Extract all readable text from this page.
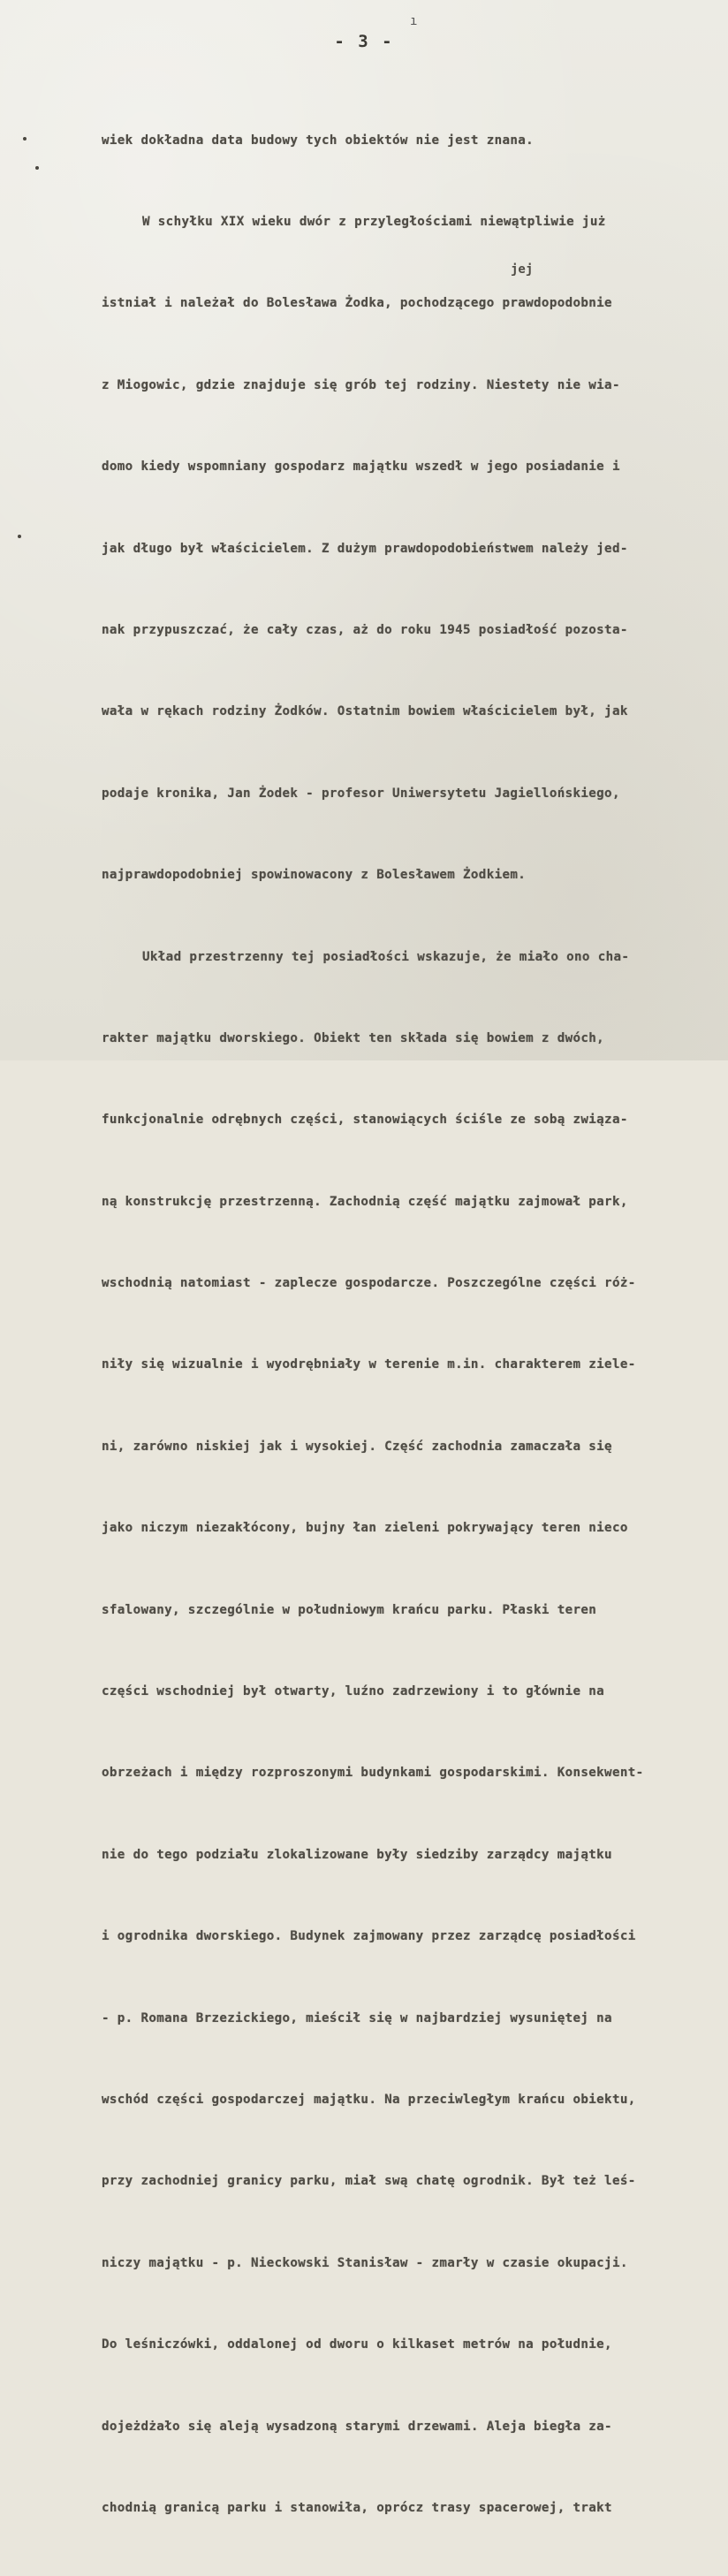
ı
- 3 -
jej

wiek dokładna data budowy tych obiektów nie jest znana.

W schyłku XIX wieku dwór z przyległościami niewątpliwie już

istniał i należał do Bolesława Żodka, pochodzącego prawdopodobnie

z Miogowic, gdzie znajduje się grób tej rodziny. Niestety nie wia-

domo kiedy wspomniany gospodarz majątku wszedł w jego posiadanie i

jak długo był właścicielem. Z dużym prawdopodobieństwem należy jed-

nak przypuszczać, że cały czas, aż do roku 1945 posiadłość pozosta-

wała w rękach rodziny Żodków. Ostatnim bowiem właścicielem był, jak

podaje kronika, Jan Żodek - profesor Uniwersytetu Jagiellońskiego,

najprawdopodobniej spowinowacony z Bolesławem Żodkiem.

Układ przestrzenny tej posiadłości wskazuje, że miało ono cha-

rakter majątku dworskiego. Obiekt ten składa się bowiem z dwóch,

funkcjonalnie odrębnych części, stanowiących ściśle ze sobą związa-

ną konstrukcję przestrzenną. Zachodnią część majątku zajmował park,

wschodnią natomiast - zaplecze gospodarcze. Poszczególne części róż-

niły się wizualnie i wyodrębniały w terenie m.in. charakterem ziele-

ni, zarówno niskiej jak i wysokiej. Część zachodnia zamaczała się

jako niczym niezakłócony, bujny łan zieleni pokrywający teren nieco

sfalowany, szczególnie w południowym krańcu parku. Płaski teren

części wschodniej był otwarty, luźno zadrzewiony i to głównie na

obrzeżach i między rozproszonymi budynkami gospodarskimi. Konsekwent-

nie do tego podziału zlokalizowane były siedziby zarządcy majątku

i ogrodnika dworskiego. Budynek zajmowany przez zarządcę posiadłości

- p. Romana Brzezickiego, mieścił się w najbardziej wysuniętej na

wschód części gospodarczej majątku. Na przeciwległym krańcu obiektu,

przy zachodniej granicy parku, miał swą chatę ogrodnik. Był też leś-

niczy majątku - p. Nieckowski Stanisław - zmarły w czasie okupacji.

Do leśniczówki, oddalonej od dworu o kilkaset metrów na południe,

dojeżdżało się aleją wysadzoną starymi drzewami. Aleja biegła za-

chodnią granicą parku i stanowiła, oprócz trasy spacerowej, trakt
